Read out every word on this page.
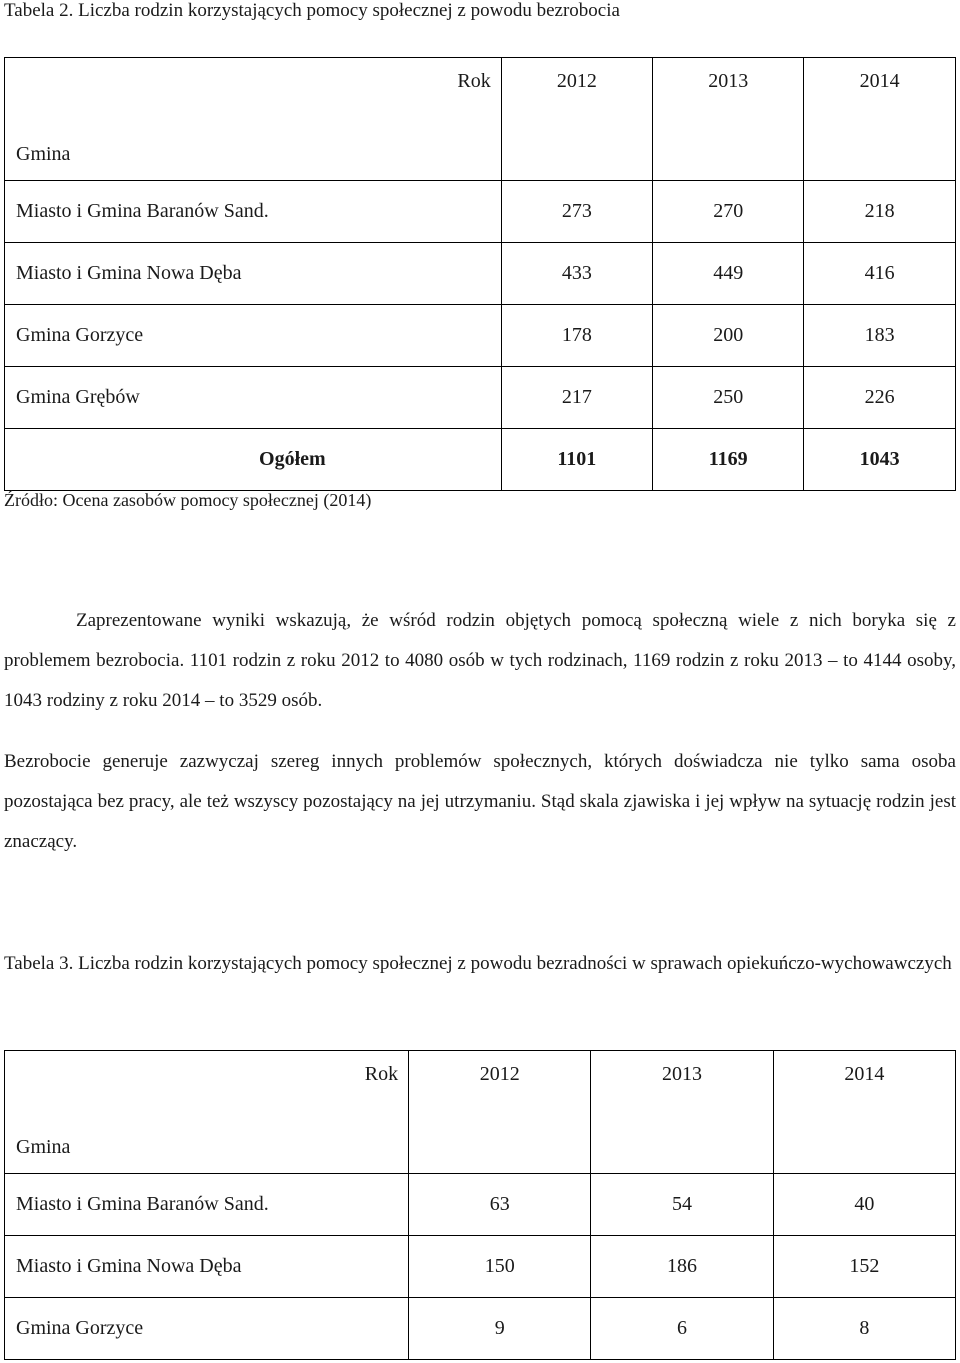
Tabela 2. Liczba rodzin korzystających pomocy społecznej z powodu bezrobocia
Rok
Gmina	2012	2013	2014

Miasto i Gmina Baranów Sand.	273	270	218
Miasto i Gmina Nowa Dęba	433	449	416
Gmina Gorzyce	178	200	183
Gmina Grębów	217	250	226
Ogółem	1101	1169	1043
Źródło: Ocena zasobów pomocy społecznej (2014)
Zaprezentowane wyniki wskazują, że wśród rodzin objętych pomocą społeczną wiele z nich boryka się z problemem bezrobocia. 1101 rodzin z roku 2012 to 4080 osób w tych rodzinach, 1169 rodzin z roku 2013 – to 4144 osoby, 1043 rodziny z roku 2014 – to 3529 osób.
Bezrobocie generuje zazwyczaj szereg innych problemów społecznych, których doświadcza nie tylko sama osoba pozostająca bez pracy, ale też wszyscy pozostający na jej utrzymaniu. Stąd skala zjawiska i jej wpływ na sytuację rodzin jest znaczący.
Tabela 3. Liczba rodzin korzystających pomocy społecznej z powodu bezradności w sprawach opiekuńczo-wychowawczych
Rok
Gmina	2012	2013	2014

Miasto i Gmina Baranów Sand.	63	54	40
Miasto i Gmina Nowa Dęba	150	186	152
Gmina Gorzyce	9	6	8
